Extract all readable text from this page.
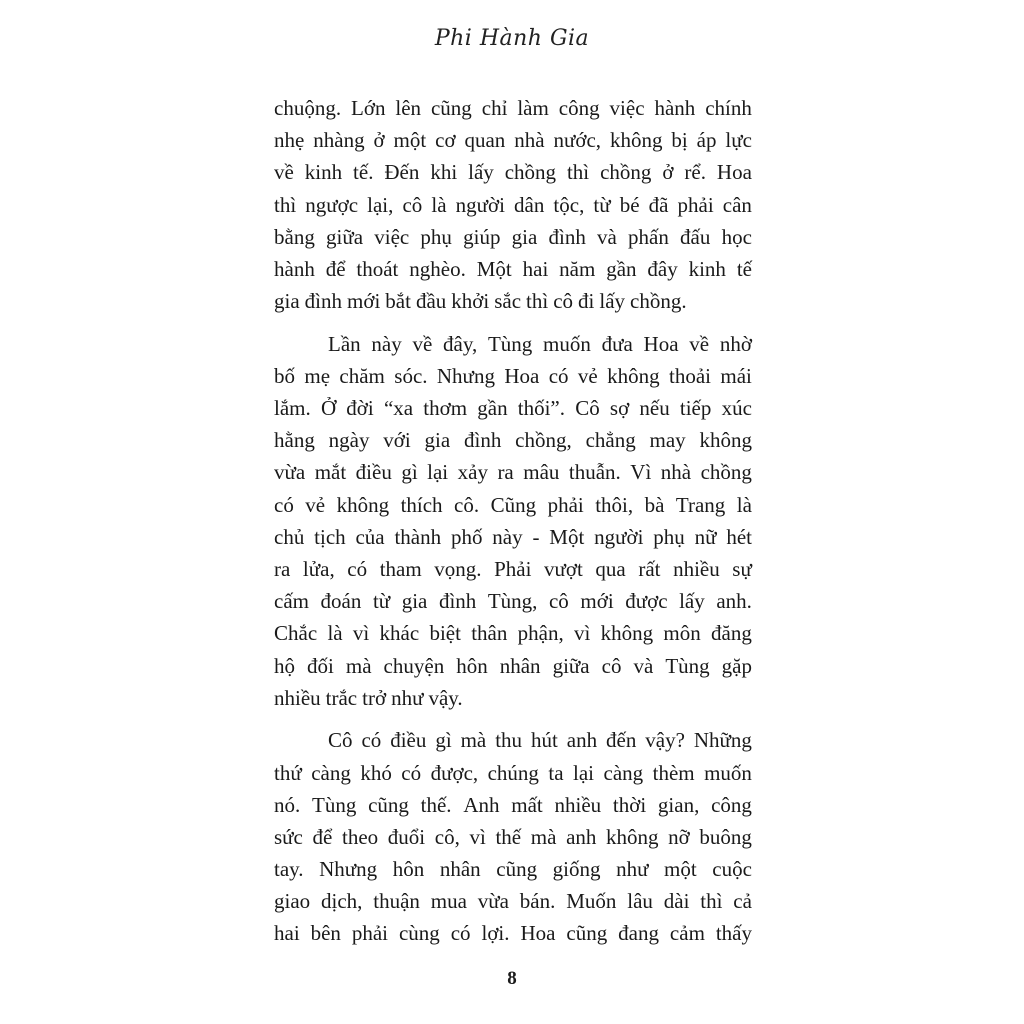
Phi Hành Gia
chuộng. Lớn lên cũng chỉ làm công việc hành chính
nhẹ nhàng ở một cơ quan nhà nước, không bị áp lực
về kinh tế. Đến khi lấy chồng thì chồng ở rể. Hoa
thì ngược lại, cô là người dân tộc, từ bé đã phải cân
bằng giữa việc phụ giúp gia đình và phấn đấu học
hành để thoát nghèo. Một hai năm gần đây kinh tế
gia đình mới bắt đầu khởi sắc thì cô đi lấy chồng.
Lần này về đây, Tùng muốn đưa Hoa về nhờ
bố mẹ chăm sóc. Nhưng Hoa có vẻ không thoải mái
lắm. Ở đời “xa thơm gần thối”. Cô sợ nếu tiếp xúc
hằng ngày với gia đình chồng, chẳng may không
vừa mắt điều gì lại xảy ra mâu thuẫn. Vì nhà chồng
có vẻ không thích cô. Cũng phải thôi, bà Trang là
chủ tịch của thành phố này - Một người phụ nữ hét
ra lửa, có tham vọng. Phải vượt qua rất nhiều sự
cấm đoán từ gia đình Tùng, cô mới được lấy anh.
Chắc là vì khác biệt thân phận, vì không môn đăng
hộ đối mà chuyện hôn nhân giữa cô và Tùng gặp
nhiều trắc trở như vậy.
Cô có điều gì mà thu hút anh đến vậy? Những
thứ càng khó có được, chúng ta lại càng thèm muốn
nó. Tùng cũng thế. Anh mất nhiều thời gian, công
sức để theo đuổi cô, vì thế mà anh không nỡ buông
tay. Nhưng hôn nhân cũng giống như một cuộc
giao dịch, thuận mua vừa bán. Muốn lâu dài thì cả
hai bên phải cùng có lợi. Hoa cũng đang cảm thấy
8
